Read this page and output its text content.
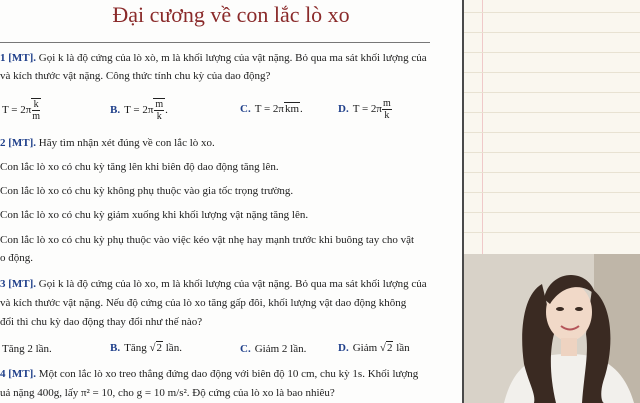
Đại cương về con lắc lò xo
1 [MT]. Gọi k là độ cứng của lò xò, m là khối lượng của vật nặng. Bỏ qua ma sát khối lượng của
và kích thước vật nặng. Công thức tính chu kỳ của dao động?
$T = 2\pi \frac{k}{m}$	B. $T = 2\pi \frac{m}{k}$ .	C. T = 2πkm.	D. $T = 2\pi \frac{m}{k}$
2 [MT]. Hãy tìm nhận xét đúng về con lắc lò xo.
Con lắc lò xo có chu kỳ tăng lên khi biên độ dao động tăng lên.
Con lắc lò xo có chu kỳ không phụ thuộc vào gia tốc trọng trường.
Con lắc lò xo có chu kỳ giảm xuống khi khối lượng vật nặng tăng lên.
Con lắc lò xo có chu kỳ phụ thuộc vào việc kéo vật nhẹ hay mạnh trước khi buông tay cho vật
o động.
3 [MT]. Gọi k là độ cứng của lò xo, m là khối lượng của vật nặng. Bỏ qua ma sát khối lượng của
và kích thước vật nặng. Nếu độ cứng của lò xo tăng gấp đôi, khối lượng vật dao động không
đổi thì chu kỳ dao động thay đổi như thế nào?
Tăng 2 lần.	B. Tăng √2 lần.	C. Giảm 2 lần.	D. Giảm √2 lần
4 [MT]. Một con lắc lò xo treo thẳng đứng dao động với biên độ 10 cm, chu kỳ 1s. Khối lượng
uả nặng 400g, lấy π² = 10, cho g = 10 m/s². Độ cứng của lò xo là bao nhiêu?
